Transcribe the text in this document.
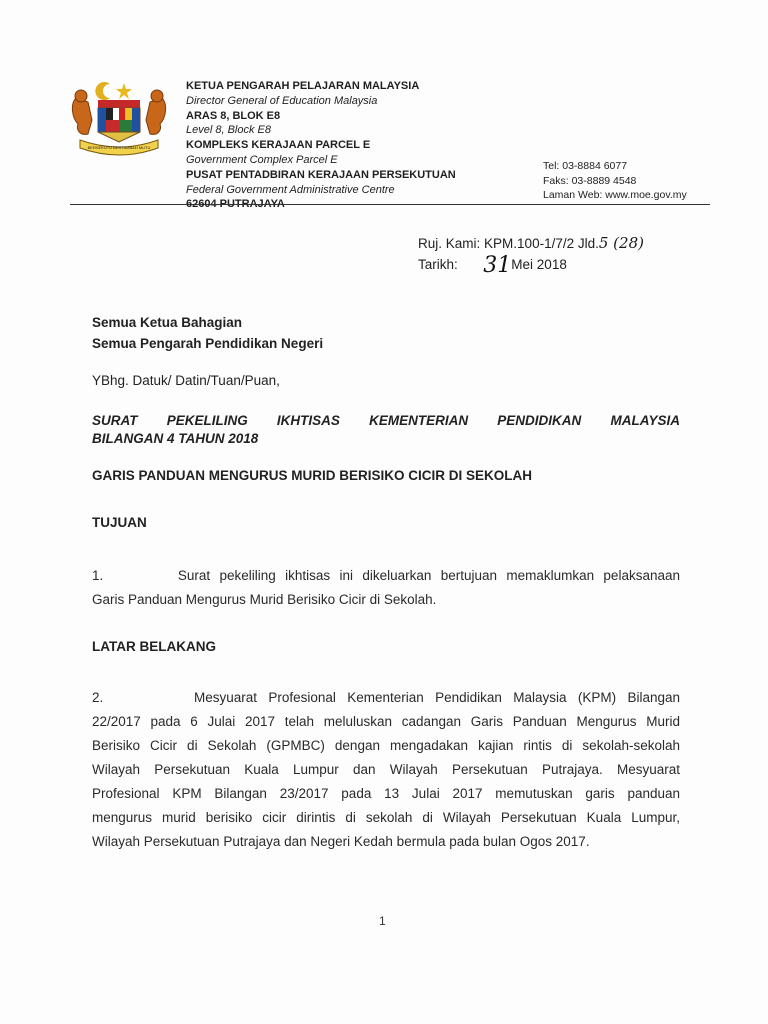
BERSEKUTU BERTAMBAH MUTU
KETUA PENGARAH PELAJARAN MALAYSIA
Director General of Education Malaysia
ARAS 8, BLOK E8
Level 8, Block E8
KOMPLEKS KERAJAAN PARCEL E
Government Complex Parcel E
PUSAT PENTADBIRAN KERAJAAN PERSEKUTUAN
Federal Government Administrative Centre
62604 PUTRAJAYA
Tel: 03-8884 6077
Faks: 03-8889 4548
Laman Web: www.moe.gov.my
Ruj. Kami: KPM.100-1/7/2 Jld.5 (28)
Tarikh: 31Mei 2018
Semua Ketua Bahagian
Semua Pengarah Pendidikan Negeri
YBhg. Datuk/ Datin/Tuan/Puan,
SURAT PEKELILING IKHTISAS KEMENTERIAN PENDIDIKAN MALAYSIA
BILANGAN 4 TAHUN 2018
GARIS PANDUAN MENGURUS MURID BERISIKO CICIR DI SEKOLAH
TUJUAN
1.        Surat pekeliling ikhtisas ini dikeluarkan bertujuan memaklumkan pelaksanaan
Garis Panduan Mengurus Murid Berisiko Cicir di Sekolah.
LATAR BELAKANG
2.        Mesyuarat Profesional Kementerian Pendidikan Malaysia (KPM) Bilangan
22/2017 pada 6 Julai 2017 telah meluluskan cadangan Garis Panduan Mengurus Murid
Berisiko Cicir di Sekolah (GPMBC) dengan mengadakan kajian rintis di sekolah-sekolah
Wilayah Persekutuan Kuala Lumpur dan Wilayah Persekutuan Putrajaya. Mesyuarat
Profesional KPM Bilangan 23/2017 pada 13 Julai 2017 memutuskan garis panduan
mengurus murid berisiko cicir dirintis di sekolah di Wilayah Persekutuan Kuala Lumpur,
Wilayah Persekutuan Putrajaya dan Negeri Kedah bermula pada bulan Ogos 2017.
1
